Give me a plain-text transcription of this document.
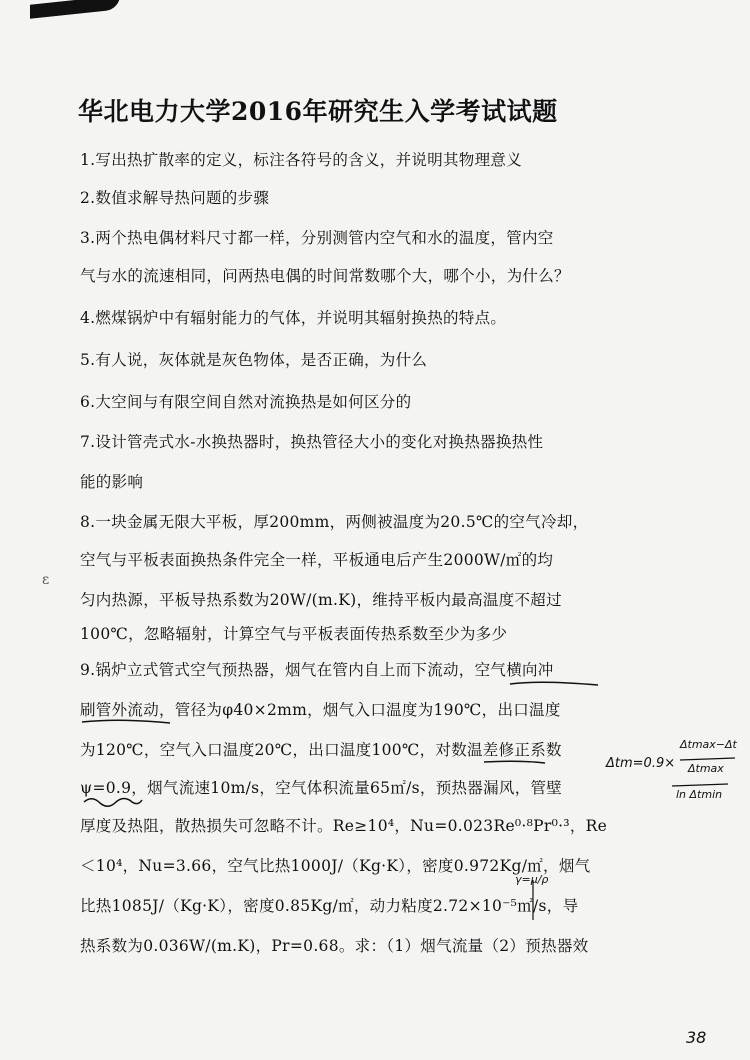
华北电力大学2016年研究生入学考试试题
1.写出热扩散率的定义，标注各符号的含义，并说明其物理意义
2.数值求解导热问题的步骤
3.两个热电偶材料尺寸都一样，分别测管内空气和水的温度，管内空
气与水的流速相同，问两热电偶的时间常数哪个大，哪个小，为什么？
4.燃煤锅炉中有辐射能力的气体，并说明其辐射换热的特点。
5.有人说，灰体就是灰色物体，是否正确，为什么
6.大空间与有限空间自然对流换热是如何区分的
7.设计管壳式水-水换热器时，换热管径大小的变化对换热器换热性
能的影响
8.一块金属无限大平板，厚200mm，两侧被温度为20.5℃的空气冷却，
空气与平板表面换热条件完全一样，平板通电后产生2000W/㎡的均
匀内热源，平板导热系数为20W/(m.K)，维持平板内最高温度不超过
100℃，忽略辐射，计算空气与平板表面传热系数至少为多少
9.锅炉立式管式空气预热器，烟气在管内自上而下流动，空气横向冲
刷管外流动，管径为φ40×2mm，烟气入口温度为190℃，出口温度
为120℃，空气入口温度20℃，出口温度100℃，对数温差修正系数
ψ=0.9，烟气流速10m/s，空气体积流量65㎡/s，预热器漏风，管壁
厚度及热阻，散热损失可忽略不计。Re≥10⁴，Nu=0.023Re⁰·⁸Pr⁰·³，Re
＜10⁴，Nu=3.66，空气比热1000J/（Kg·K），密度0.972Kg/㎡，烟气
比热1085J/（Kg·K），密度0.85Kg/㎡，动力粘度2.72×10⁻⁵㎡/s，导
热系数为0.036W/(m.K)，Pr=0.68。求：（1）烟气流量（2）预热器效
Δtm=0.9×
Δtmax−Δt
Δtmax
ln Δtmin
γ=μ/ρ
ɛ
38
